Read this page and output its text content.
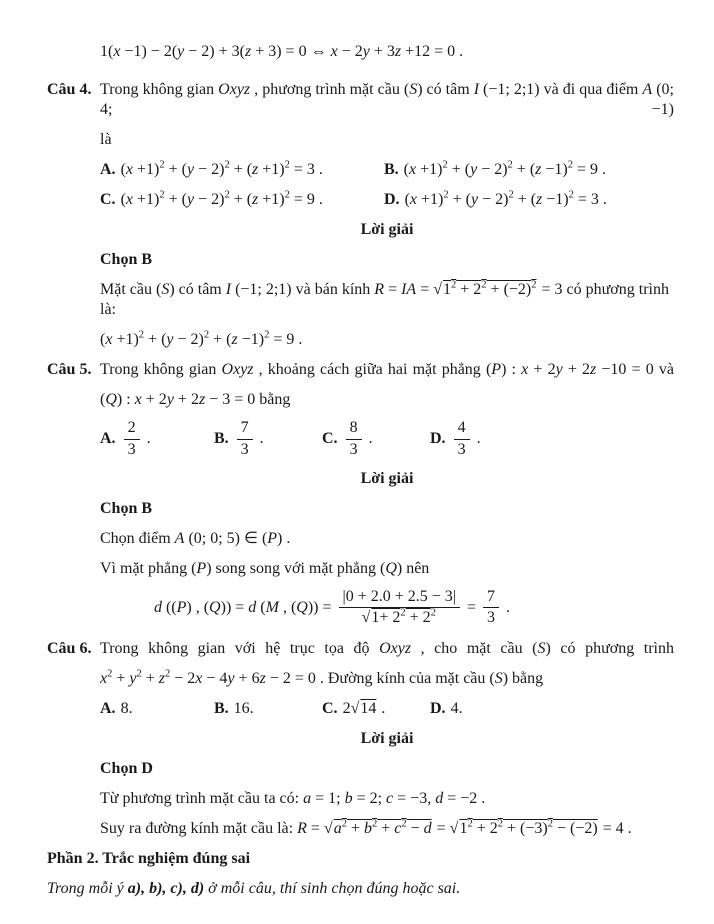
1(x −1) − 2(y − 2) + 3(z + 3) = 0 ⇔ x − 2y + 3z +12 = 0 .

Câu 4. Trong không gian Oxyz , phương trình mặt cầu (S) có tâm I (−1; 2;1) và đi qua điểm A (0; 4; −1)

là

A. $(x +1)^2 + (y - 2)^2 + (z +1)^2 = 3$ .	B. $(x +1)^2 + (y - 2)^2 + (z -1)^2 = 9$ .
C. $(x +1)^2 + (y - 2)^2 + (z +1)^2 = 9$ .	D. $(x +1)^2 + (y - 2)^2 + (z -1)^2 = 3$ .

Lời giải

Chọn B

Mặt cầu (S) có tâm I (−1; 2;1) và bán kính R = IA = $√1^2 + 2^2 + (-2)^2 = 3$ có phương trình là:

$(x +1)^2 + (y - 2)^2 + (z -1)^2 = 9$ .

Câu 5. Trong không gian Oxyz , khoảng cách giữa hai mặt phẳng (P) : x + 2y + 2z −10 = 0 và

(Q) : x + 2y + 2z − 3 = 0 bằng

A. $\frac{2}{3}$ .	B. $\frac{7}{3}$ .	C. $\frac{8}{3}$ .	D. $\frac{4}{3}$ .

Lời giải

Chọn B

Chọn điểm A (0; 0; 5) ∈ (P) .

Vì mặt phẳng (P) song song với mặt phẳng (Q) nên

d ((P) , (Q)) = d (M , $(Q)) = \frac{|0 + 2.0 + 2.5 - 3|}{√1+ 2^2 + 2^2} = \frac{7}{3}$ .

Câu 6. Trong không gian với hệ trục tọa độ Oxyz , cho mặt cầu (S) có phương trình

$x^2 + y^2 + z^2 - 2x - 4y + 6z - 2 = 0$ . Đường kính của mặt cầu (S) bằng

A. 8.	B. 16.	C. 2√14 .	D. 4.

Lời giải

Chọn D

Từ phương trình mặt cầu ta có: a = 1; b = 2; c = −3, d = −2 .

Suy ra đường kính mặt cầu là: $R = √a^2 + b^2 + c^2 - d = √1^2 + 2^2 + (-3)^2 - (-2) = 4$ .

Phần 2. Trắc nghiệm đúng sai

Trong mỗi ý a), b), c), d) ở mỗi câu, thí sinh chọn đúng hoặc sai.
